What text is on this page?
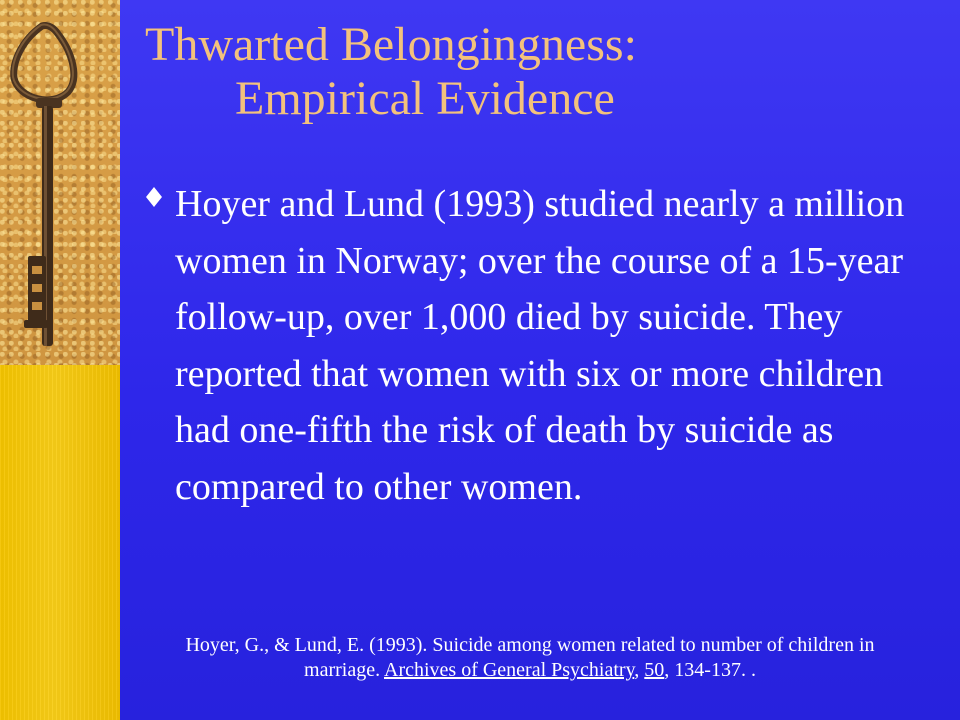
Thwarted Belongingness:

Empirical Evidence

Hoyer and Lund (1993) studied nearly a million women in Norway; over the course of a 15-year follow-up, over 1,000 died by suicide. They reported that women with six or more children had one-fifth the risk of death by suicide as compared to other women.

Hoyer, G., & Lund, E. (1993). Suicide among women related to number of children in marriage. Archives of General Psychiatry, 50, 134-137. .
